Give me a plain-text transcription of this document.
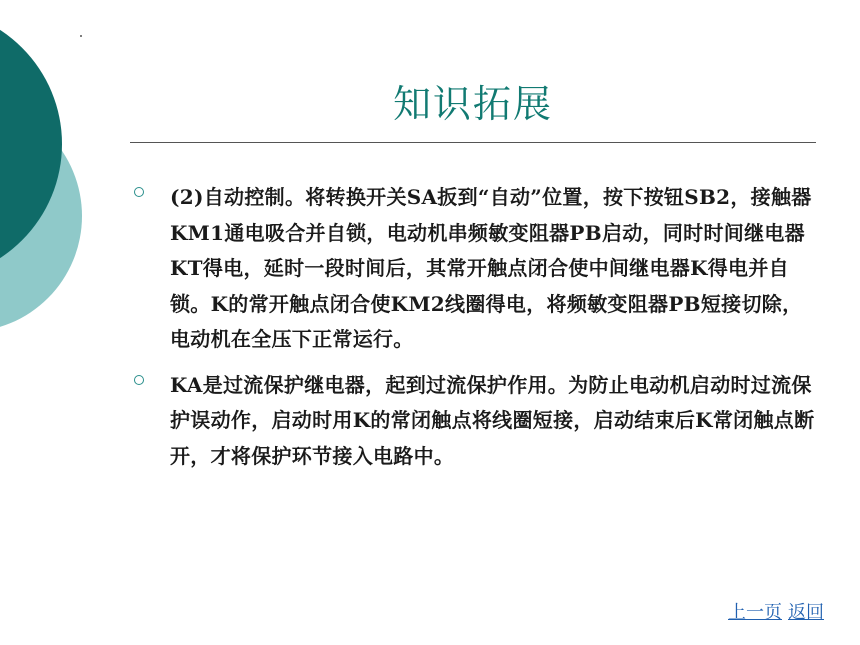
知识拓展

(2)自动控制。将转换开关SA扳到“自动”位置，按下按钮SB2，接触器KM1通电吸合并自锁，电动机串频敏变阻器PB启动，同时时间继电器KT得电，延时一段时间后，其常开触点闭合使中间继电器K得电并自锁。K的常开触点闭合使KM2线圈得电，将频敏变阻器PB短接切除，电动机在全压下正常运行。

KA是过流保护继电器，起到过流保护作用。为防止电动机启动时过流保护误动作，启动时用K的常闭触点将线圈短接，启动结束后K常闭触点断开，才将保护环节接入电路中。

上一页 返回
